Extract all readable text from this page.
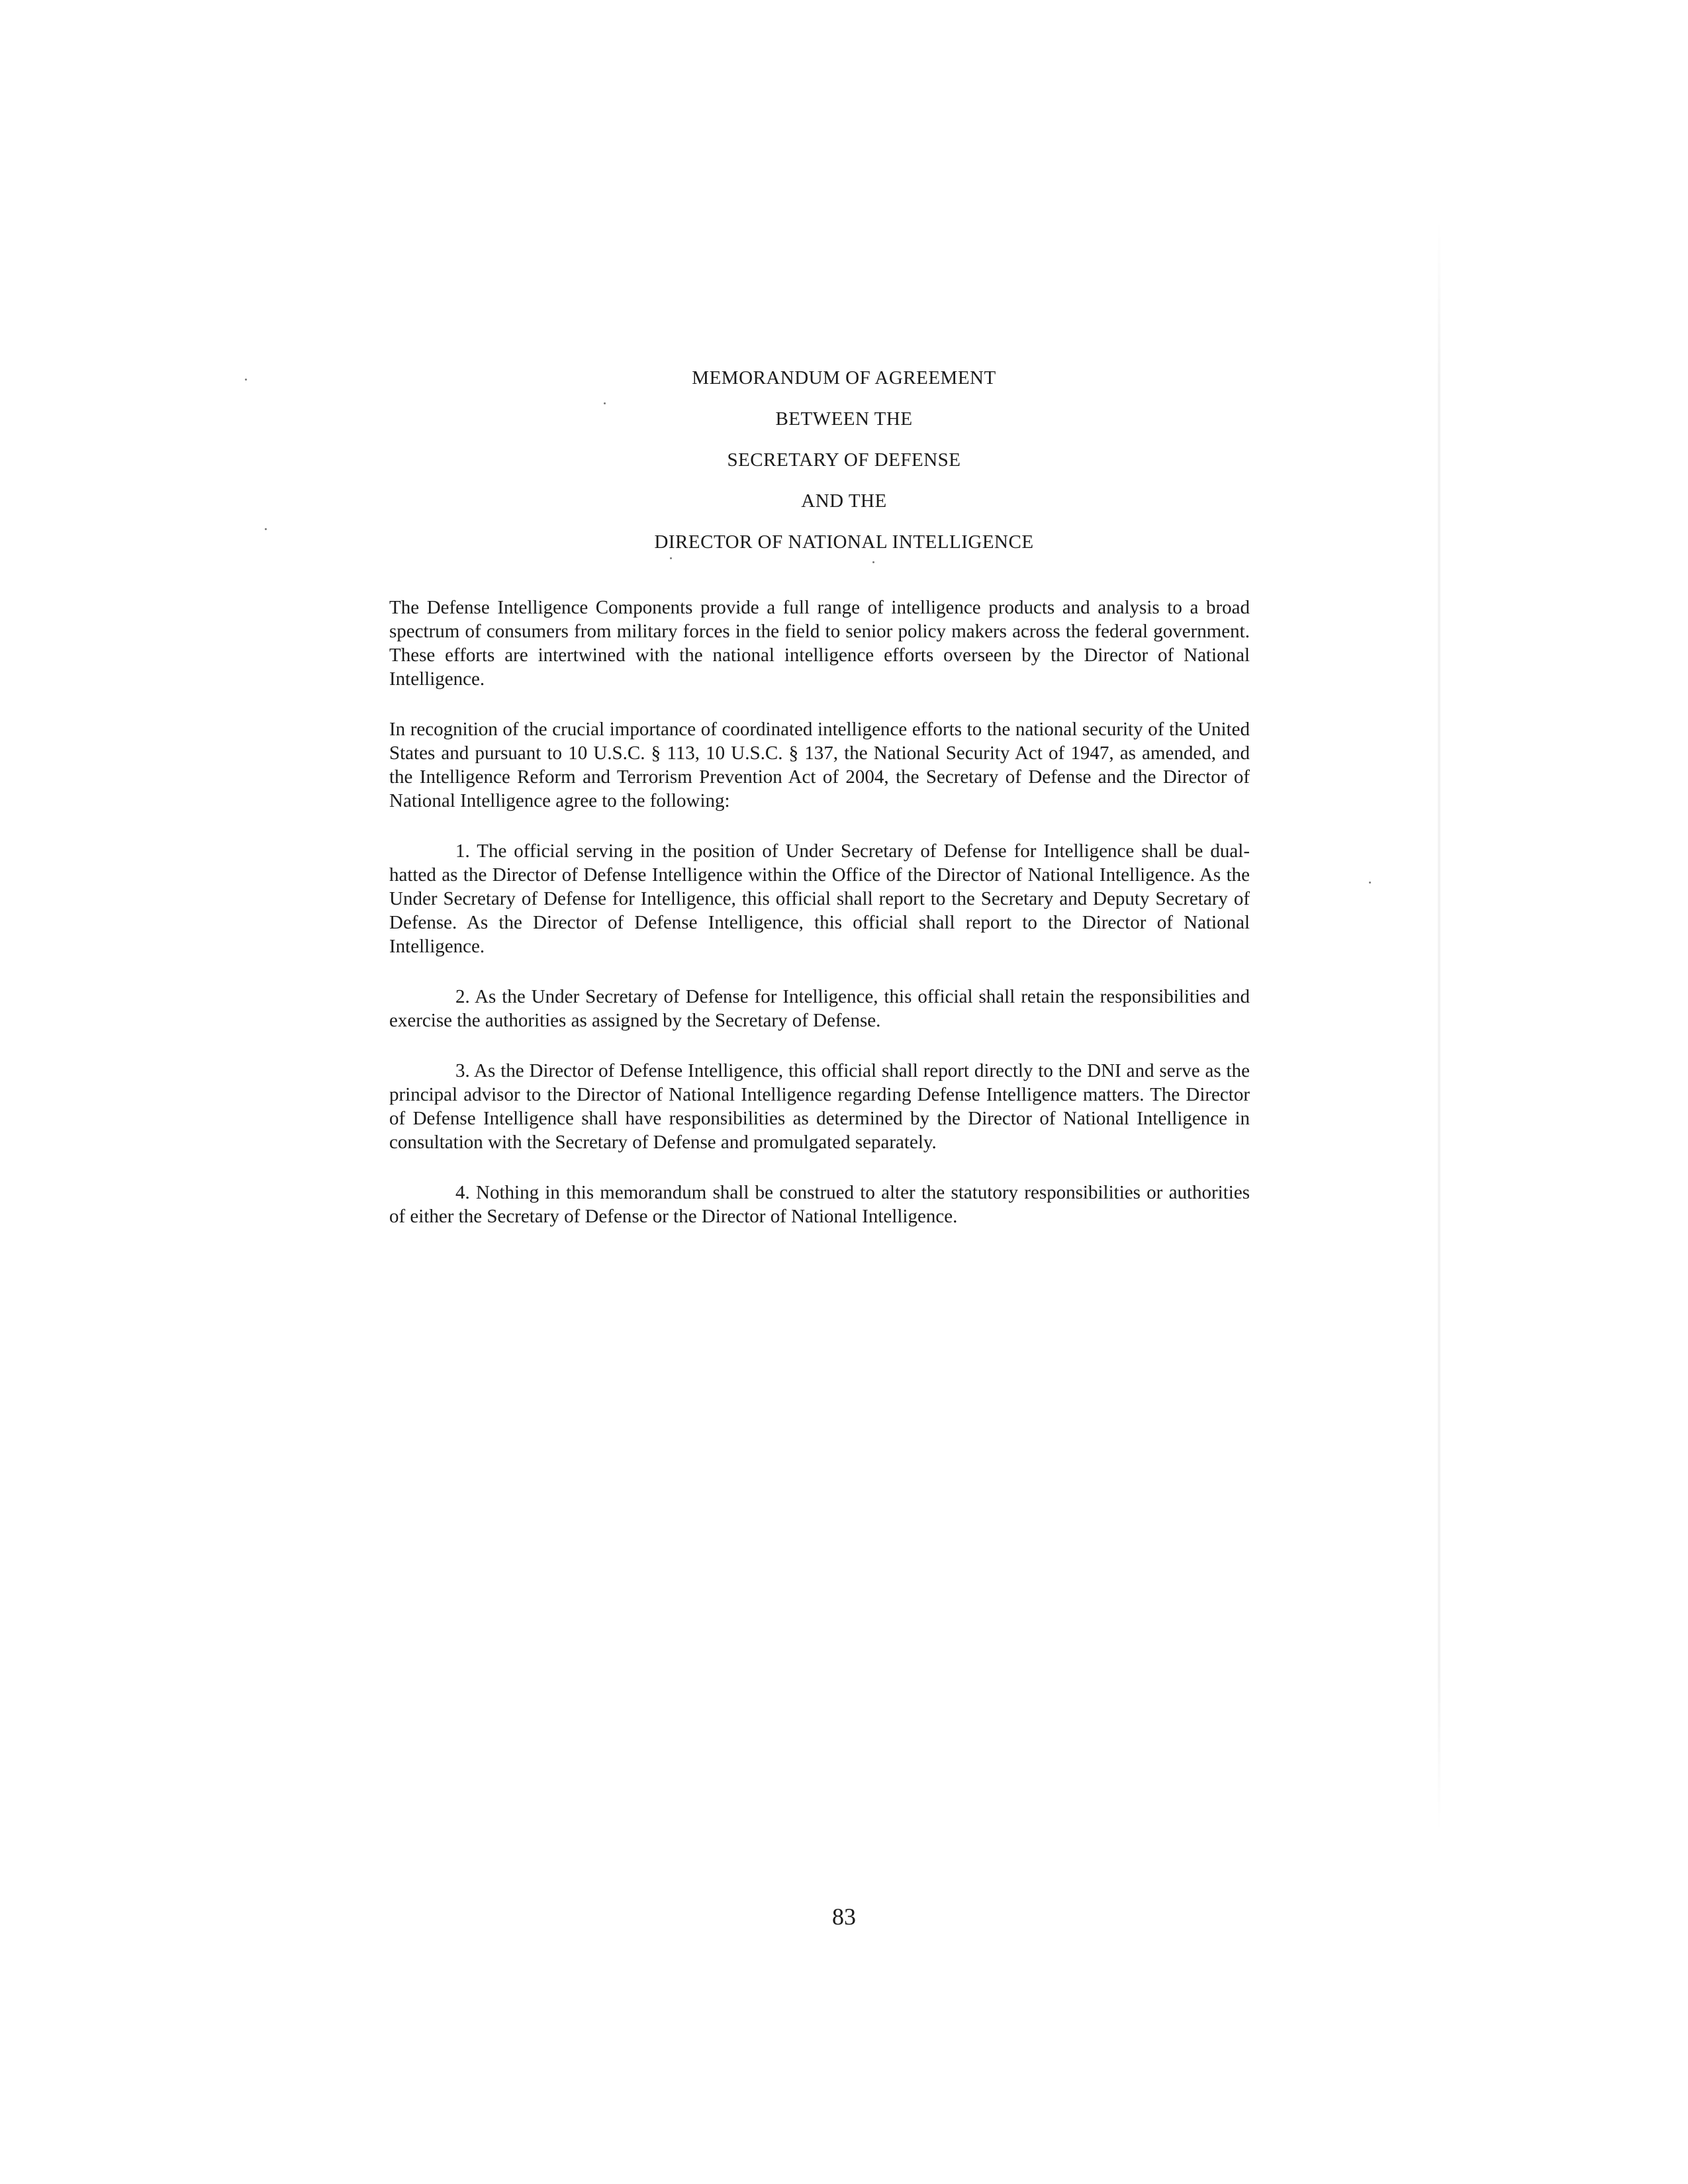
MEMORANDUM OF AGREEMENT
BETWEEN THE
SECRETARY OF DEFENSE
AND THE
DIRECTOR OF NATIONAL INTELLIGENCE

The Defense Intelligence Components provide a full range of intelligence products and analysis to a broad spectrum of consumers from military forces in the field to senior policy makers across the federal government. These efforts are intertwined with the national intelligence efforts overseen by the Director of National Intelligence.

In recognition of the crucial importance of coordinated intelligence efforts to the national security of the United States and pursuant to 10 U.S.C. § 113, 10 U.S.C. § 137, the National Security Act of 1947, as amended, and the Intelligence Reform and Terrorism Prevention Act of 2004, the Secretary of Defense and the Director of National Intelligence agree to the following:

1. The official serving in the position of Under Secretary of Defense for Intelligence shall be dual-hatted as the Director of Defense Intelligence within the Office of the Director of National Intelligence. As the Under Secretary of Defense for Intelligence, this official shall report to the Secretary and Deputy Secretary of Defense. As the Director of Defense Intelligence, this official shall report to the Director of National Intelligence.

2. As the Under Secretary of Defense for Intelligence, this official shall retain the responsibilities and exercise the authorities as assigned by the Secretary of Defense.

3. As the Director of Defense Intelligence, this official shall report directly to the DNI and serve as the principal advisor to the Director of National Intelligence regarding Defense Intelligence matters. The Director of Defense Intelligence shall have responsibilities as determined by the Director of National Intelligence in consultation with the Secretary of Defense and promulgated separately.

4. Nothing in this memorandum shall be construed to alter the statutory responsibilities or authorities of either the Secretary of Defense or the Director of National Intelligence.

83
